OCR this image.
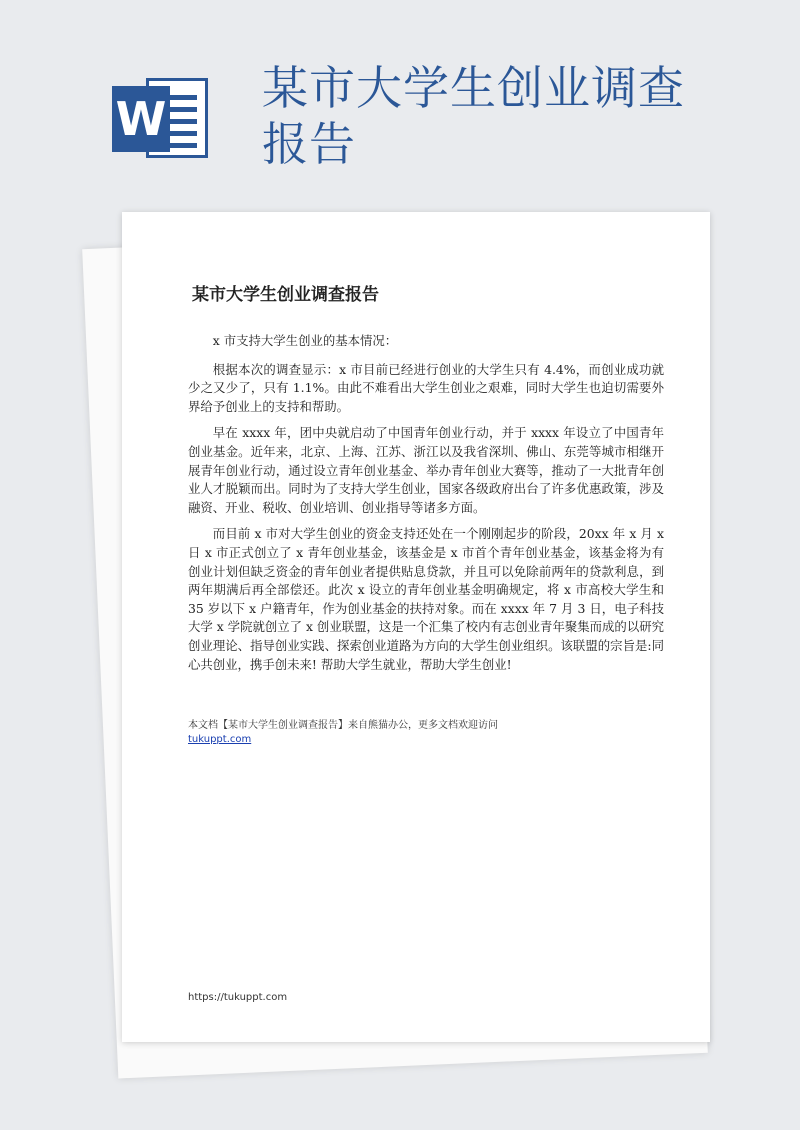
W
某市大学生创业调查报告
某市大学生创业调查报告

x 市支持大学生创业的基本情况：

根据本次的调查显示：x 市目前已经进行创业的大学生只有 4.4%，而创业成功就少之又少了，只有 1.1%。由此不难看出大学生创业之艰难，同时大学生也迫切需要外界给予创业上的支持和帮助。

早在 xxxx 年，团中央就启动了中国青年创业行动，并于 xxxx 年设立了中国青年创业基金。近年来，北京、上海、江苏、浙江以及我省深圳、佛山、东莞等城市相继开展青年创业行动，通过设立青年创业基金、举办青年创业大赛等，推动了一大批青年创业人才脱颖而出。同时为了支持大学生创业，国家各级政府出台了许多优惠政策，涉及融资、开业、税收、创业培训、创业指导等诸多方面。

而目前 x 市对大学生创业的资金支持还处在一个刚刚起步的阶段，20xx 年 x 月 x 日 x 市正式创立了 x 青年创业基金，该基金是 x 市首个青年创业基金，该基金将为有创业计划但缺乏资金的青年创业者提供贴息贷款，并且可以免除前两年的贷款利息，到两年期满后再全部偿还。此次 x 设立的青年创业基金明确规定，将 x 市高校大学生和 35 岁以下 x 户籍青年，作为创业基金的扶持对象。而在 xxxx 年 7 月 3 日，电子科技大学 x 学院就创立了 x 创业联盟，这是一个汇集了校内有志创业青年聚集而成的以研究创业理论、指导创业实践、探索创业道路为方向的大学生创业组织。该联盟的宗旨是:同心共创业，携手创未来! 帮助大学生就业，帮助大学生创业!

本文档【某市大学生创业调查报告】来自熊猫办公，更多文档欢迎访问

tukuppt.com
https://tukuppt.com
